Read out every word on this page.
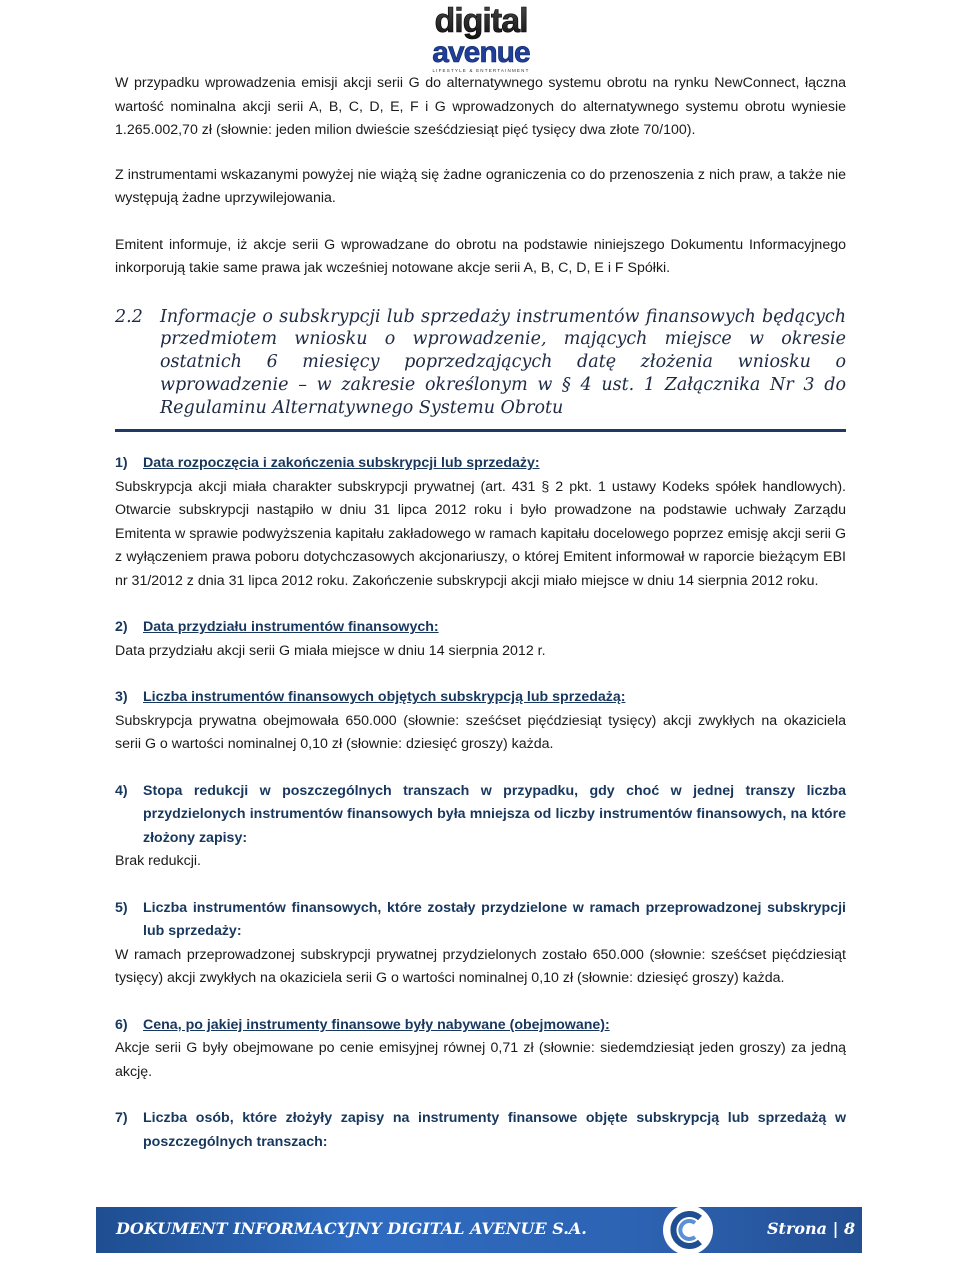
digital
avenue
LIFESTYLE & ENTERTAINMENT

W przypadku wprowadzenia emisji akcji serii G do alternatywnego systemu obrotu na rynku NewConnect, łączna wartość nominalna akcji serii A, B, C, D, E, F i G wprowadzonych do alternatywnego systemu obrotu wyniesie 1.265.002,70 zł (słownie: jeden milion dwieście sześćdziesiąt pięć tysięcy dwa złote 70/100).

Z instrumentami wskazanymi powyżej nie wiążą się żadne ograniczenia co do przenoszenia z nich praw, a także nie występują żadne uprzywilejowania.

Emitent informuje, iż akcje serii G wprowadzane do obrotu na podstawie niniejszego Dokumentu Informacyjnego inkorporują takie same prawa jak wcześniej notowane akcje serii A, B, C, D, E i F Spółki.

2.2 Informacje o subskrypcji lub sprzedaży instrumentów finansowych będących przedmiotem wniosku o wprowadzenie, mających miejsce w okresie ostatnich 6 miesięcy poprzedzających datę złożenia wniosku o wprowadzenie – w zakresie określonym w § 4 ust. 1 Załącznika Nr 3 do Regulaminu Alternatywnego Systemu Obrotu
1)	Data rozpoczęcia i zakończenia subskrypcji lub sprzedaży:
Subskrypcja akcji miała charakter subskrypcji prywatnej (art. 431 § 2 pkt. 1 ustawy Kodeks spółek handlowych). Otwarcie subskrypcji nastąpiło w dniu 31 lipca 2012 roku i było prowadzone na podstawie uchwały Zarządu Emitenta w sprawie podwyższenia kapitału zakładowego w ramach kapitału docelowego poprzez emisję akcji serii G z wyłączeniem prawa poboru dotychczasowych akcjonariuszy, o której Emitent informował w raporcie bieżącym EBI nr 31/2012 z dnia 31 lipca 2012 roku. Zakończenie subskrypcji akcji miało miejsce w dniu 14 sierpnia 2012 roku.
2)	Data przydziału instrumentów finansowych:
Data przydziału akcji serii G miała miejsce w dniu 14 sierpnia 2012 r.
3)	Liczba instrumentów finansowych objętych subskrypcją lub sprzedażą:
Subskrypcja prywatna obejmowała 650.000 (słownie: sześćset pięćdziesiąt tysięcy) akcji zwykłych na okaziciela serii G o wartości nominalnej 0,10 zł (słownie: dziesięć groszy) każda.
4)	Stopa redukcji w poszczególnych transzach w przypadku, gdy choć w jednej transzy liczba przydzielonych instrumentów finansowych była mniejsza od liczby instrumentów finansowych, na które złożony zapisy:
Brak redukcji.
5)	Liczba instrumentów finansowych, które zostały przydzielone w ramach przeprowadzonej subskrypcji lub sprzedaży:
W ramach przeprowadzonej subskrypcji prywatnej przydzielonych zostało 650.000 (słownie: sześćset pięćdziesiąt tysięcy) akcji zwykłych na okaziciela serii G o wartości nominalnej 0,10 zł (słownie: dziesięć groszy) każda.
6)	Cena, po jakiej instrumenty finansowe były nabywane (obejmowane):
Akcje serii G były obejmowane po cenie emisyjnej równej 0,71 zł (słownie: siedemdziesiąt jeden groszy) za jedną akcję.
7)	Liczba osób, które złożyły zapisy na instrumenty finansowe objęte subskrypcją lub sprzedażą w poszczególnych transzach:
DOKUMENT INFORMACYJNY DIGITAL AVENUE S.A.	Strona | 8
